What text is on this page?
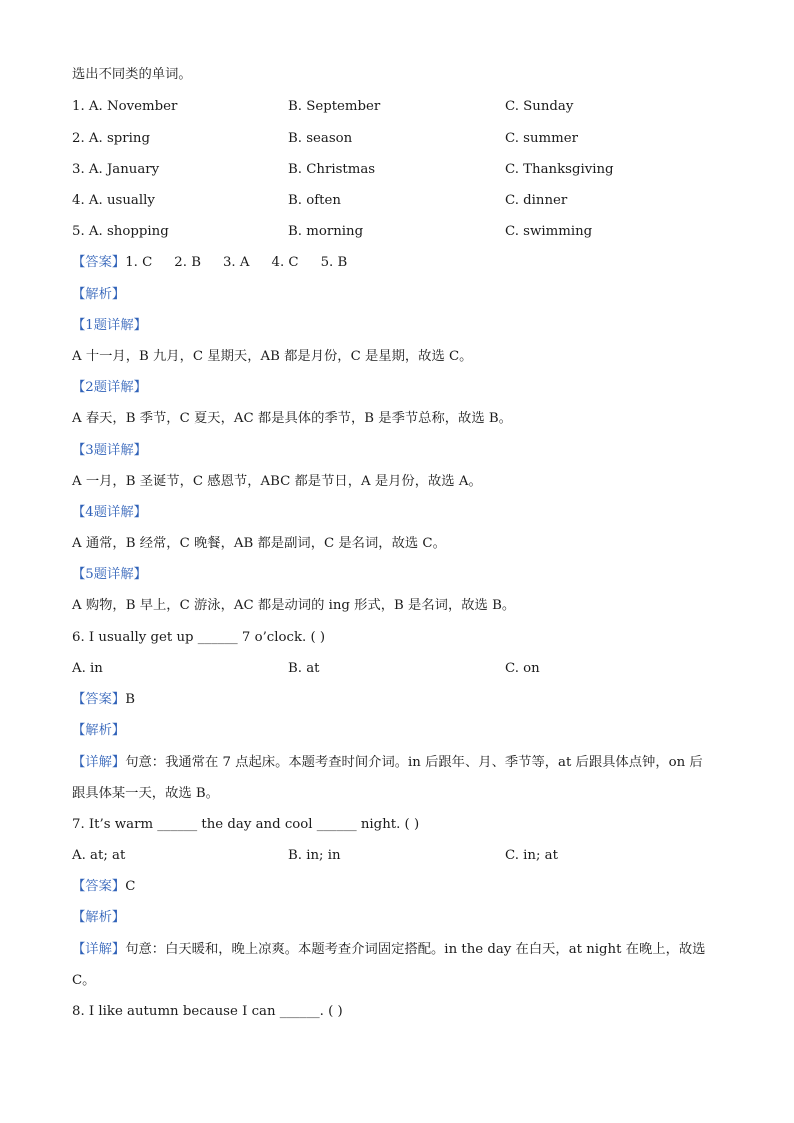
选出不同类的单词。
1. A. November	B. September	C. Sunday
2. A. spring	B. season	C. summer
3. A. January	B. Christmas	C. Thanksgiving
4. A. usually	B. often	C. dinner
5. A. shopping	B. morning	C. swimming
【答案】1. C 2. B 3. A 4. C 5. B
【解析】
【1题详解】
A 十一月，B 九月，C 星期天，AB 都是月份，C 是星期，故选 C。
【2题详解】
A 春天，B 季节，C 夏天，AC 都是具体的季节，B 是季节总称，故选 B。
【3题详解】
A 一月，B 圣诞节，C 感恩节，ABC 都是节日，A 是月份，故选 A。
【4题详解】
A 通常，B 经常，C 晚餐，AB 都是副词，C 是名词，故选 C。
【5题详解】
A 购物，B 早上，C 游泳，AC 都是动词的 ing 形式，B 是名词，故选 B。
6. I usually get up ______ 7 o’clock. ( )
A. in	B. at	C. on
【答案】B
【解析】
【详解】句意：我通常在 7 点起床。本题考查时间介词。in 后跟年、月、季节等，at 后跟具体点钟，on 后
跟具体某一天，故选 B。
7. It’s warm ______ the day and cool ______ night. ( )
A. at; at	B. in; in	C. in; at
【答案】C
【解析】
【详解】句意：白天暖和，晚上凉爽。本题考查介词固定搭配。in the day 在白天，at night 在晚上，故选
C。
8. I like autumn because I can ______. ( )
